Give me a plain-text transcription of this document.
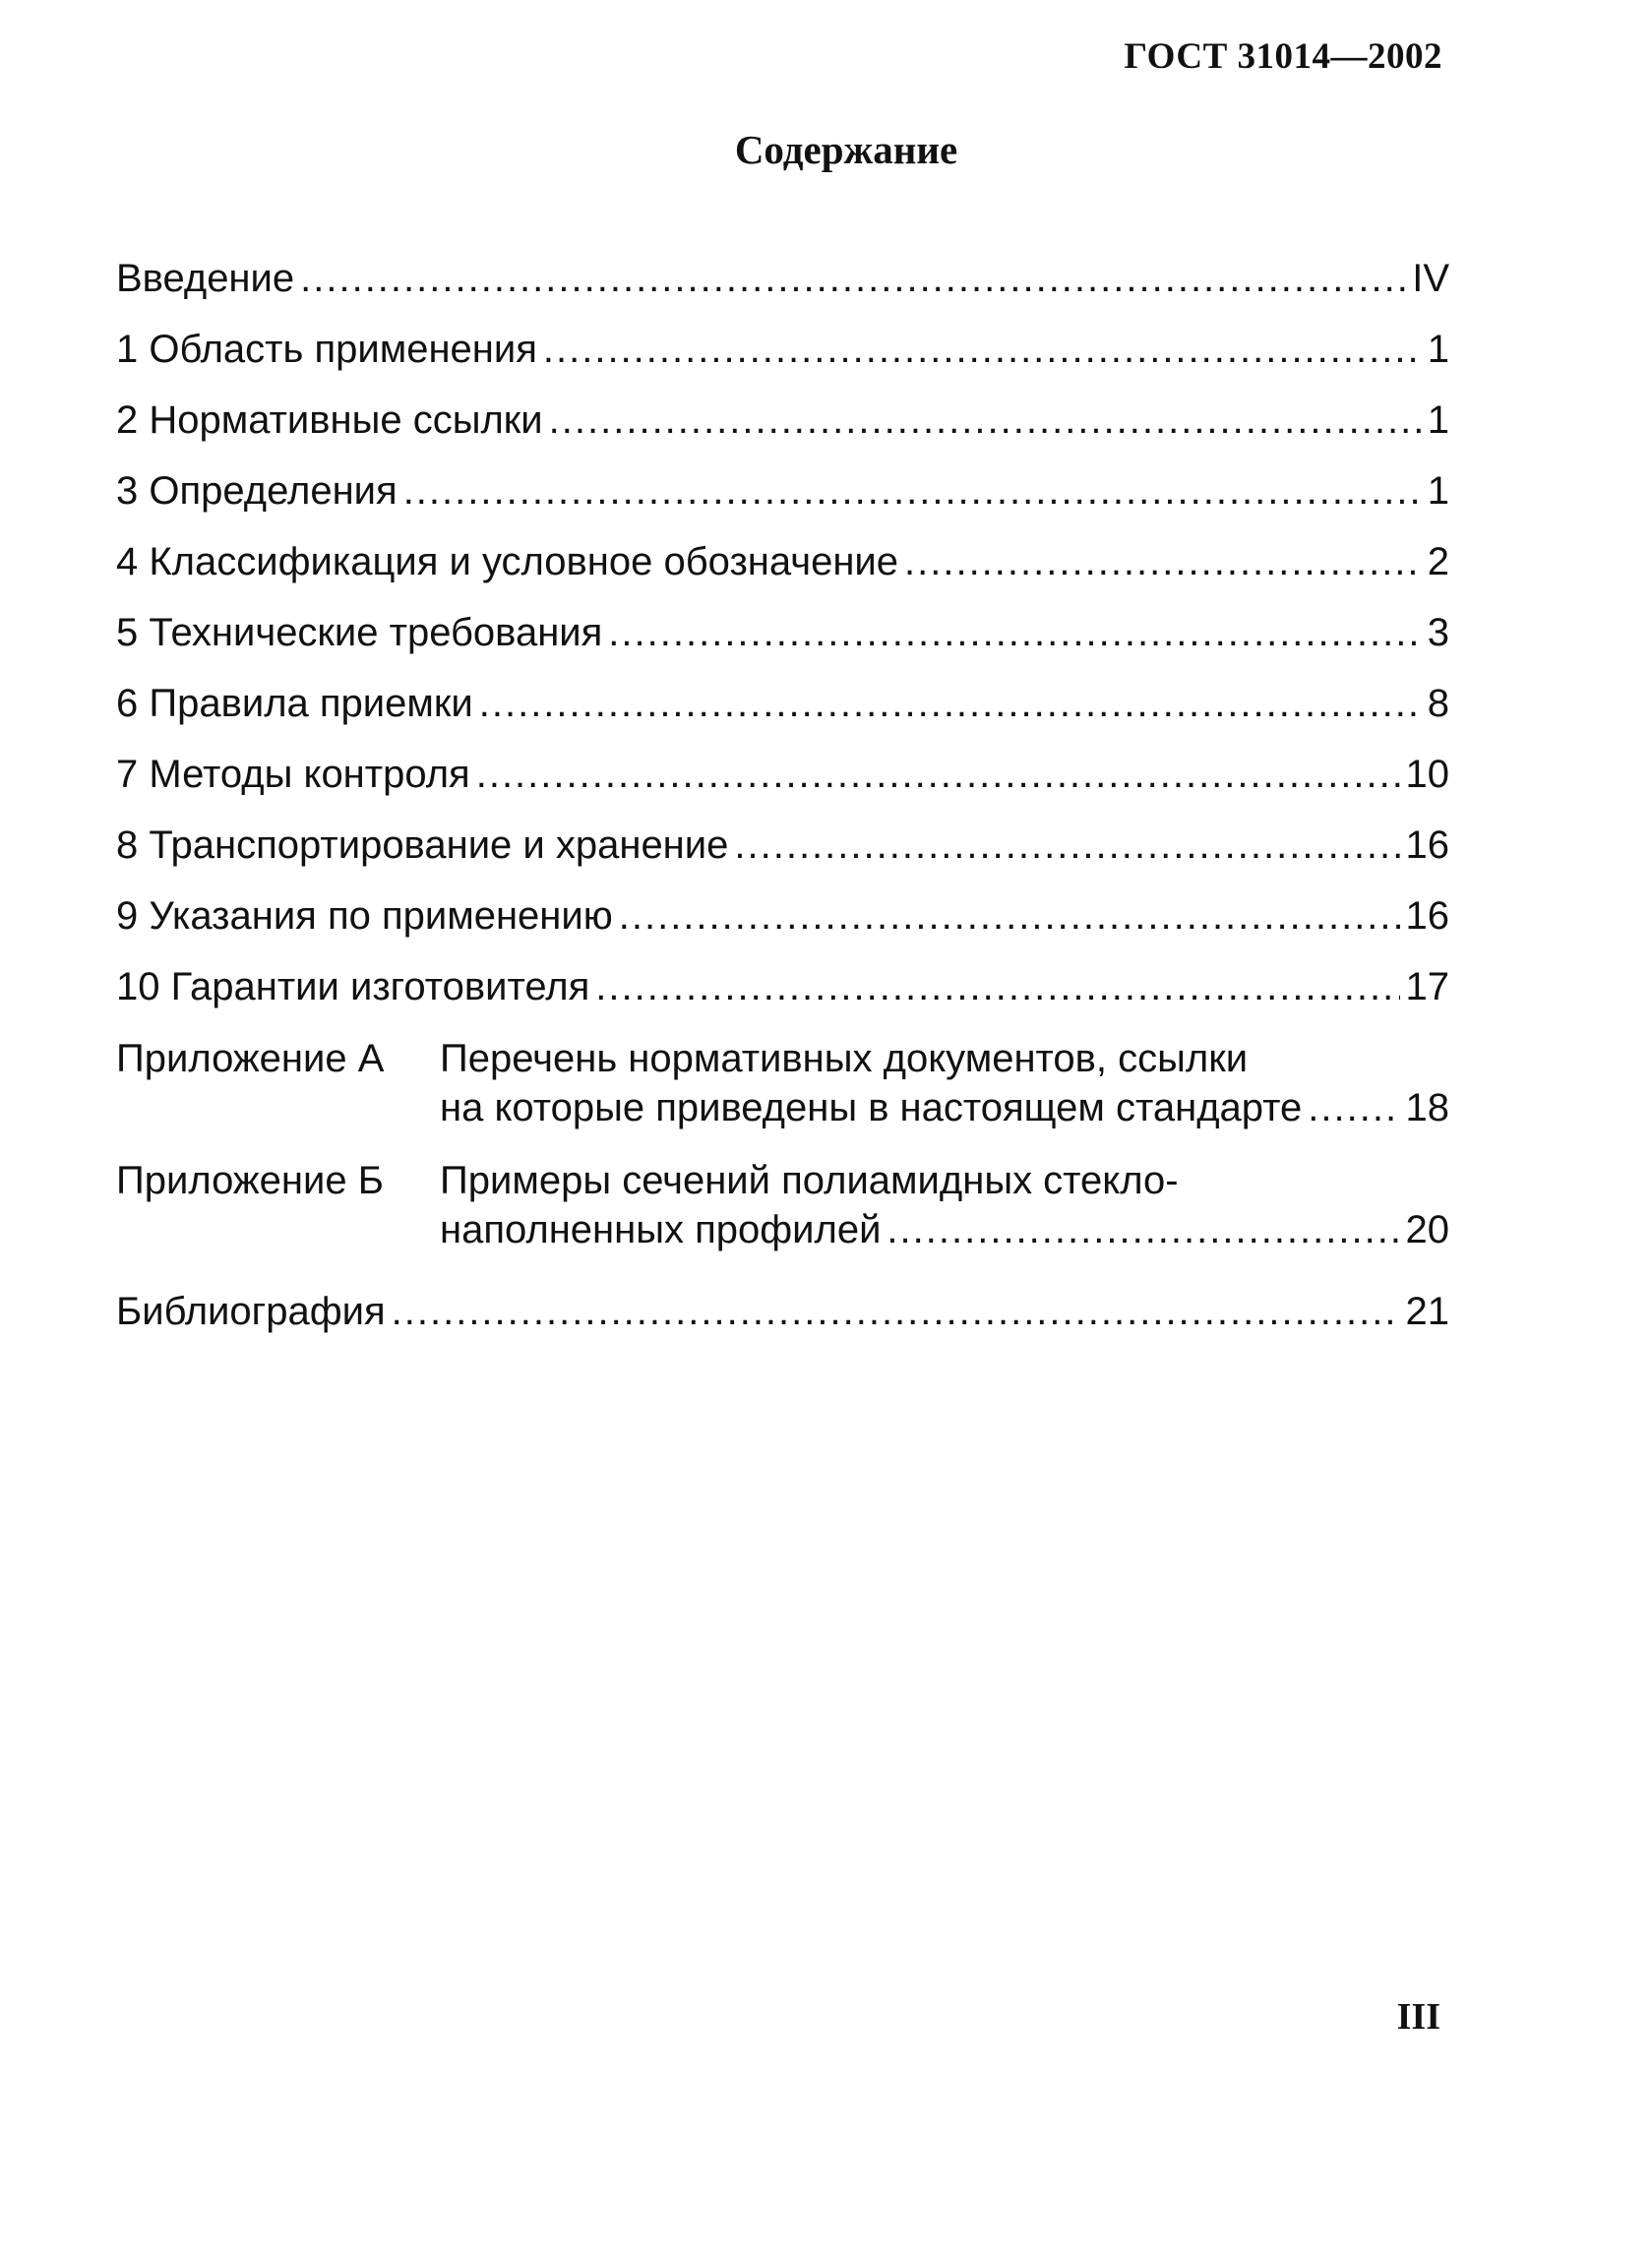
ГОСТ 31014—2002
Содержание
Введение .....	IV
1 Область применения .....	1
2 Нормативные ссылки .....	1
3 Определения .....	1
4 Классификация и условное обозначение .....	2
5 Технические требования .....	3
6 Правила приемки .....	8
7 Методы контроля .....	10
8 Транспортирование и хранение .....	16
9 Указания по применению .....	16
10 Гарантии изготовителя .....	17
Приложение А Перечень нормативных документов, ссылки
на которые приведены в настоящем стандарте .....	18
Приложение Б Примеры сечений полиамидных стекло-
наполненных профилей .....	20
Библиография .....	21
III
